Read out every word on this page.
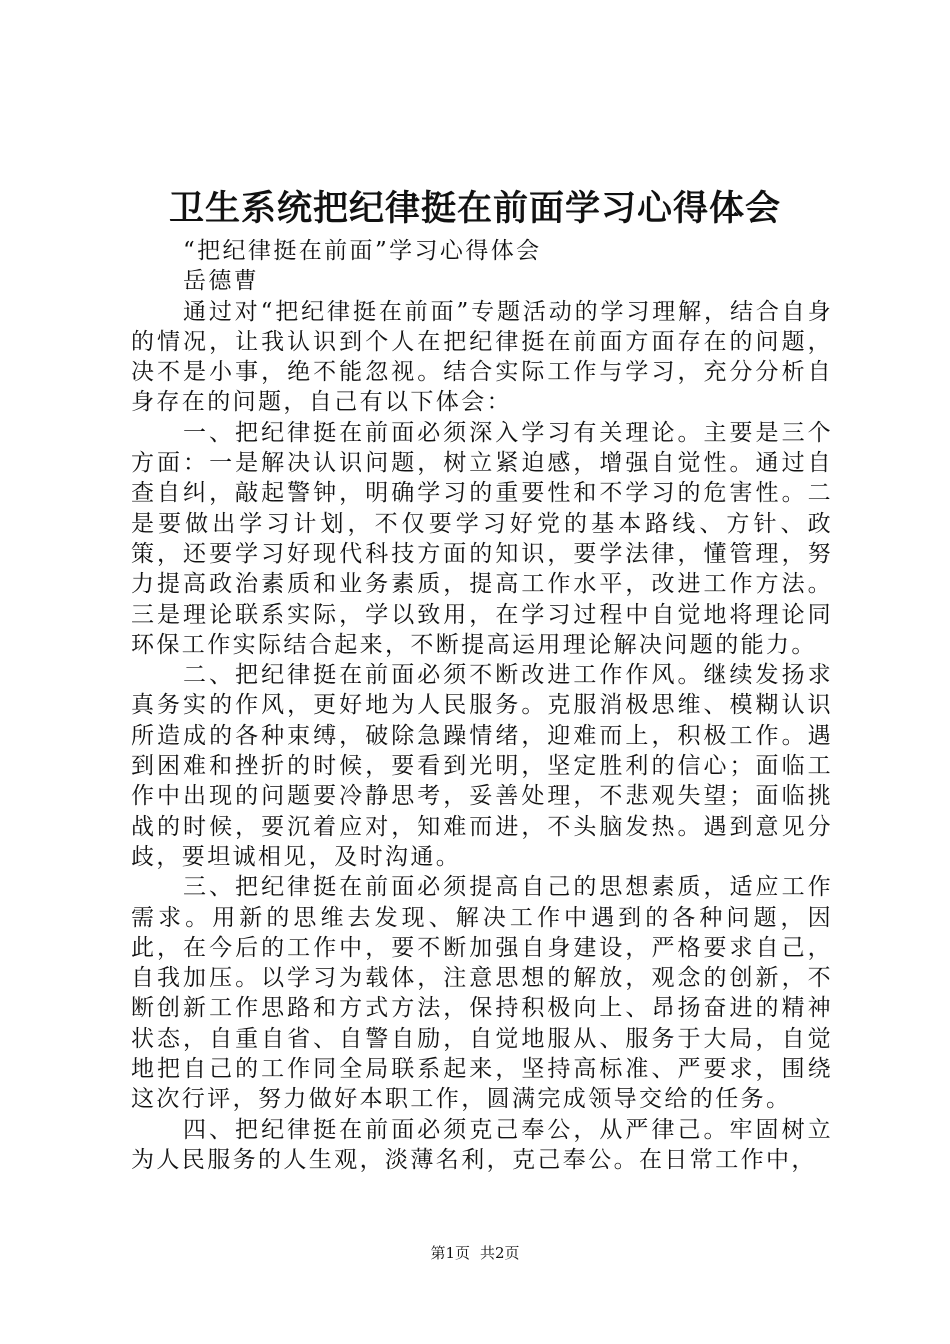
卫生系统把纪律挺在前面学习心得体会

“把纪律挺在前面”学习心得体会

岳德曹

通过对“把纪律挺在前面”专题活动的学习理解，结合自身的情况，让我认识到个人在把纪律挺在前面方面存在的问题，决不是小事，绝不能忽视。结合实际工作与学习，充分分析自身存在的问题，自己有以下体会：

一、把纪律挺在前面必须深入学习有关理论。主要是三个方面：一是解决认识问题，树立紧迫感，增强自觉性。通过自查自纠，敲起警钟，明确学习的重要性和不学习的危害性。二是要做出学习计划，不仅要学习好党的基本路线、方针、政策，还要学习好现代科技方面的知识，要学法律，懂管理，努力提高政治素质和业务素质，提高工作水平，改进工作方法。三是理论联系实际，学以致用，在学习过程中自觉地将理论同环保工作实际结合起来，不断提高运用理论解决问题的能力。

二、把纪律挺在前面必须不断改进工作作风。继续发扬求真务实的作风，更好地为人民服务。克服消极思维、模糊认识所造成的各种束缚，破除急躁情绪，迎难而上，积极工作。遇到困难和挫折的时候，要看到光明，坚定胜利的信心；面临工作中出现的问题要冷静思考，妥善处理，不悲观失望；面临挑战的时候，要沉着应对，知难而进，不头脑发热。遇到意见分歧，要坦诚相见，及时沟通。

三、把纪律挺在前面必须提高自己的思想素质，适应工作需求。用新的思维去发现、解决工作中遇到的各种问题，因此，在今后的工作中，要不断加强自身建设，严格要求自己，自我加压。以学习为载体，注意思想的解放，观念的创新，不断创新工作思路和方式方法，保持积极向上、昂扬奋进的精神状态，自重自省、自警自励，自觉地服从、服务于大局，自觉地把自己的工作同全局联系起来，坚持高标准、严要求，围绕这次行评，努力做好本职工作，圆满完成领导交给的任务。

四、把纪律挺在前面必须克己奉公，从严律己。牢固树立为人民服务的人生观，淡薄名利，克己奉公。在日常工作中，

第1页 共2页
